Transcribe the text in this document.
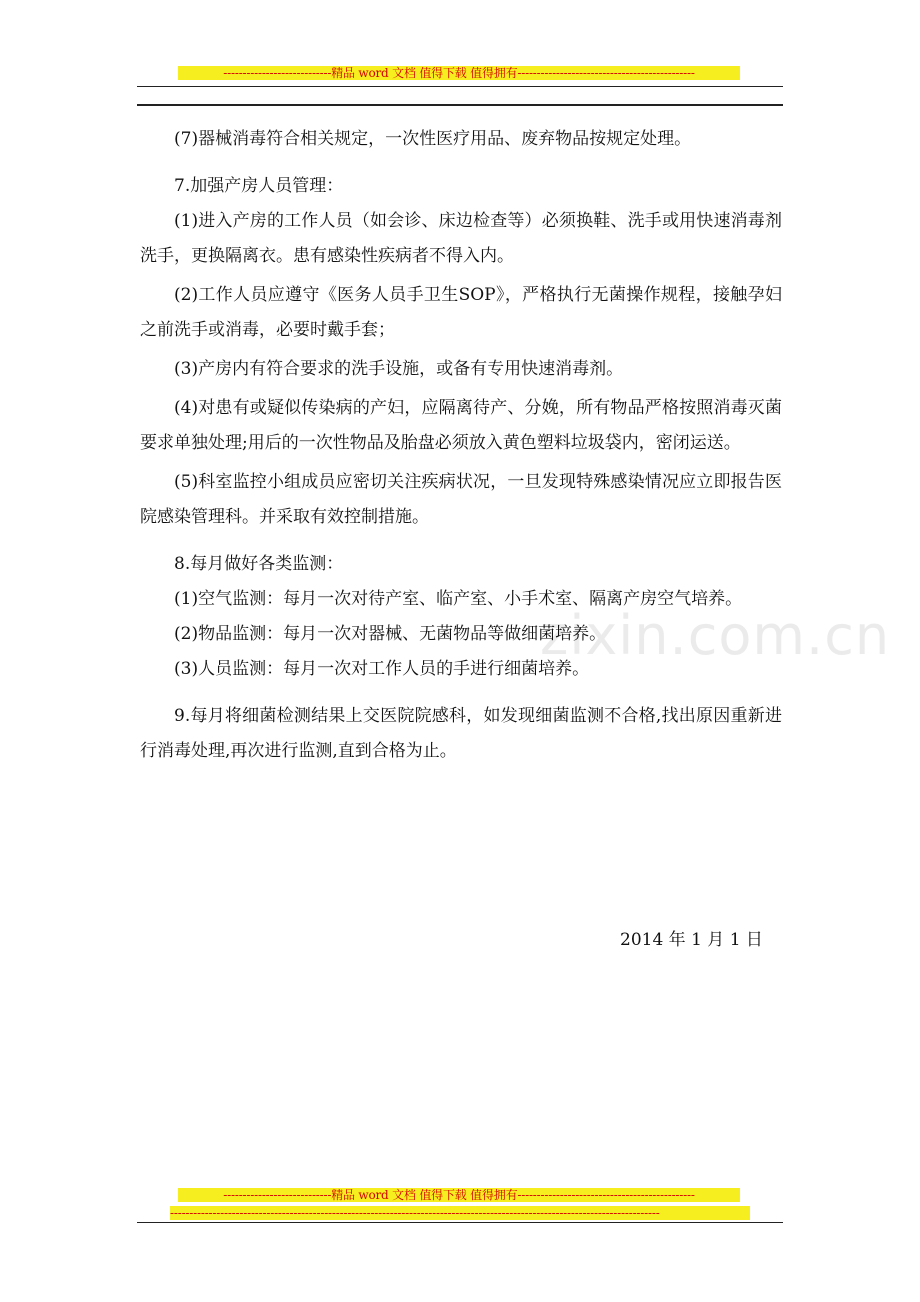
----------------------------精品 word 文档 值得下载 值得拥有----------------------------------------------
zixin.com.cn

(7)器械消毒符合相关规定，一次性医疗用品、废弃物品按规定处理。

7.加强产房人员管理：

(1)进入产房的工作人员（如会诊、床边检查等）必须换鞋、洗手或用快速消毒剂洗手，更换隔离衣。患有感染性疾病者不得入内。

(2)工作人员应遵守《医务人员手卫生SOP》，严格执行无菌操作规程，接触孕妇之前洗手或消毒，必要时戴手套；

(3)产房内有符合要求的洗手设施，或备有专用快速消毒剂。

(4)对患有或疑似传染病的产妇，应隔离待产、分娩，所有物品严格按照消毒灭菌要求单独处理;用后的一次性物品及胎盘必须放入黄色塑料垃圾袋内，密闭运送。

(5)科室监控小组成员应密切关注疾病状况，一旦发现特殊感染情况应立即报告医院感染管理科。并采取有效控制措施。

8.每月做好各类监测：

(1)空气监测：每月一次对待产室、临产室、小手术室、隔离产房空气培养。

(2)物品监测：每月一次对器械、无菌物品等做细菌培养。

(3)人员监测：每月一次对工作人员的手进行细菌培养。

9.每月将细菌检测结果上交医院院感科，如发现细菌监测不合格,找出原因重新进行消毒处理,再次进行监测,直到合格为止。

2014 年 1 月 1 日
----------------------------精品 word 文档 值得下载 值得拥有----------------------------------------------
-------------------------------------------------------------------------------------------------------------------------------
